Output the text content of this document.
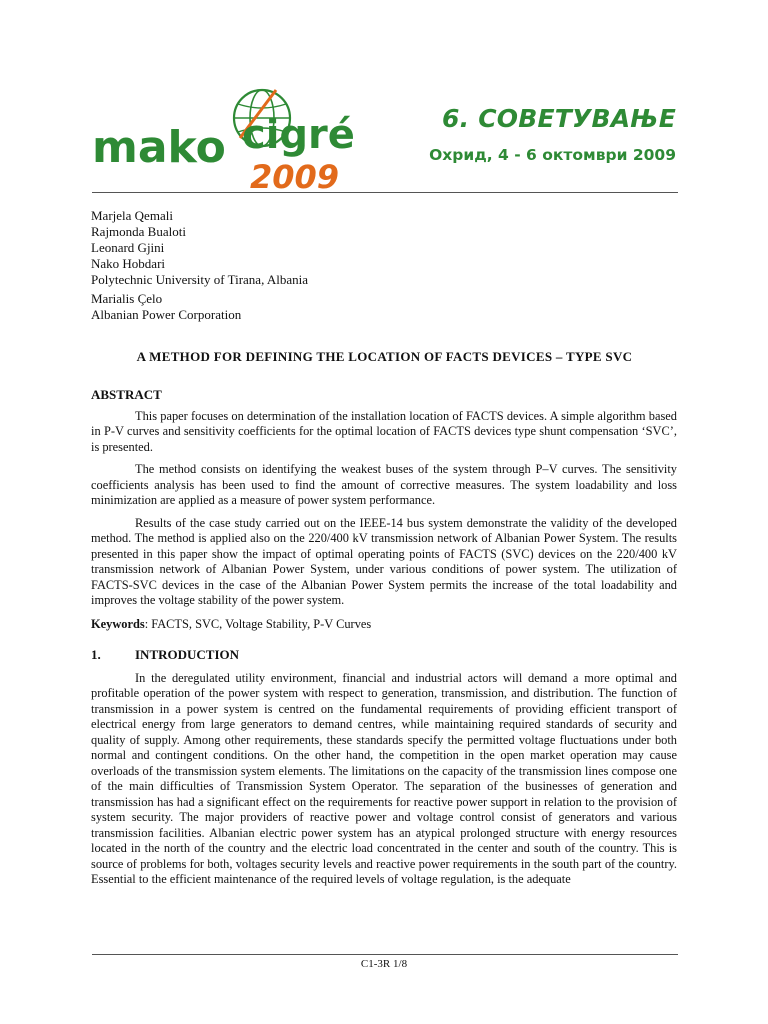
mako cigré
2009
6. СОВЕТУВАЊЕ
Охрид, 4 - 6 октомври 2009
Marjela Qemali
Rajmonda Bualoti
Leonard Gjini
Nako Hobdari
Polytechnic University of Tirana, Albania
Marialis Çelo
Albanian Power Corporation
A METHOD FOR DEFINING THE LOCATION OF FACTS DEVICES – TYPE SVC
ABSTRACT

This paper focuses on determination of the installation location of FACTS devices. A simple algorithm based in P-V curves and sensitivity coefficients for the optimal location of FACTS devices type shunt compensation ‘SVC’, is presented.

The method consists on identifying the weakest buses of the system through P–V curves. The sensitivity coefficients analysis has been used to find the amount of corrective measures. The system loadability and loss minimization are applied as a measure of power system performance.

Results of the case study carried out on the IEEE-14 bus system demonstrate the validity of the developed method. The method is applied also on the 220/400 kV transmission network of Albanian Power System. The results presented in this paper show the impact of optimal operating points of FACTS (SVC) devices on the 220/400 kV transmission network of Albanian Power System, under various conditions of power system. The utilization of FACTS-SVC devices in the case of the Albanian Power System permits the increase of the total loadability and improves the voltage stability of the power system.

Keywords: FACTS, SVC, Voltage Stability, P-V Curves

1.	INTRODUCTION

In the deregulated utility environment, financial and industrial actors will demand a more optimal and profitable operation of the power system with respect to generation, transmission, and distribution. The function of transmission in a power system is centred on the fundamental requirements of providing efficient transport of electrical energy from large generators to demand centres, while maintaining required standards of security and quality of supply. Among other requirements, these standards specify the permitted voltage fluctuations under both normal and contingent conditions. On the other hand, the competition in the open market operation may cause overloads of the transmission system elements. The limitations on the capacity of the transmission lines compose one of the main difficulties of Transmission System Operator. The separation of the businesses of generation and transmission has had a significant effect on the requirements for reactive power support in relation to the provision of system security. The major providers of reactive power and voltage control consist of generators and various transmission facilities. Albanian electric power system has an atypical prolonged structure with energy resources located in the north of the country and the electric load concentrated in the center and south of the country. This is source of problems for both, voltages security levels and reactive power requirements in the south part of the country. Essential to the efficient maintenance of the required levels of voltage regulation, is the adequate

C1-3R 1/8
